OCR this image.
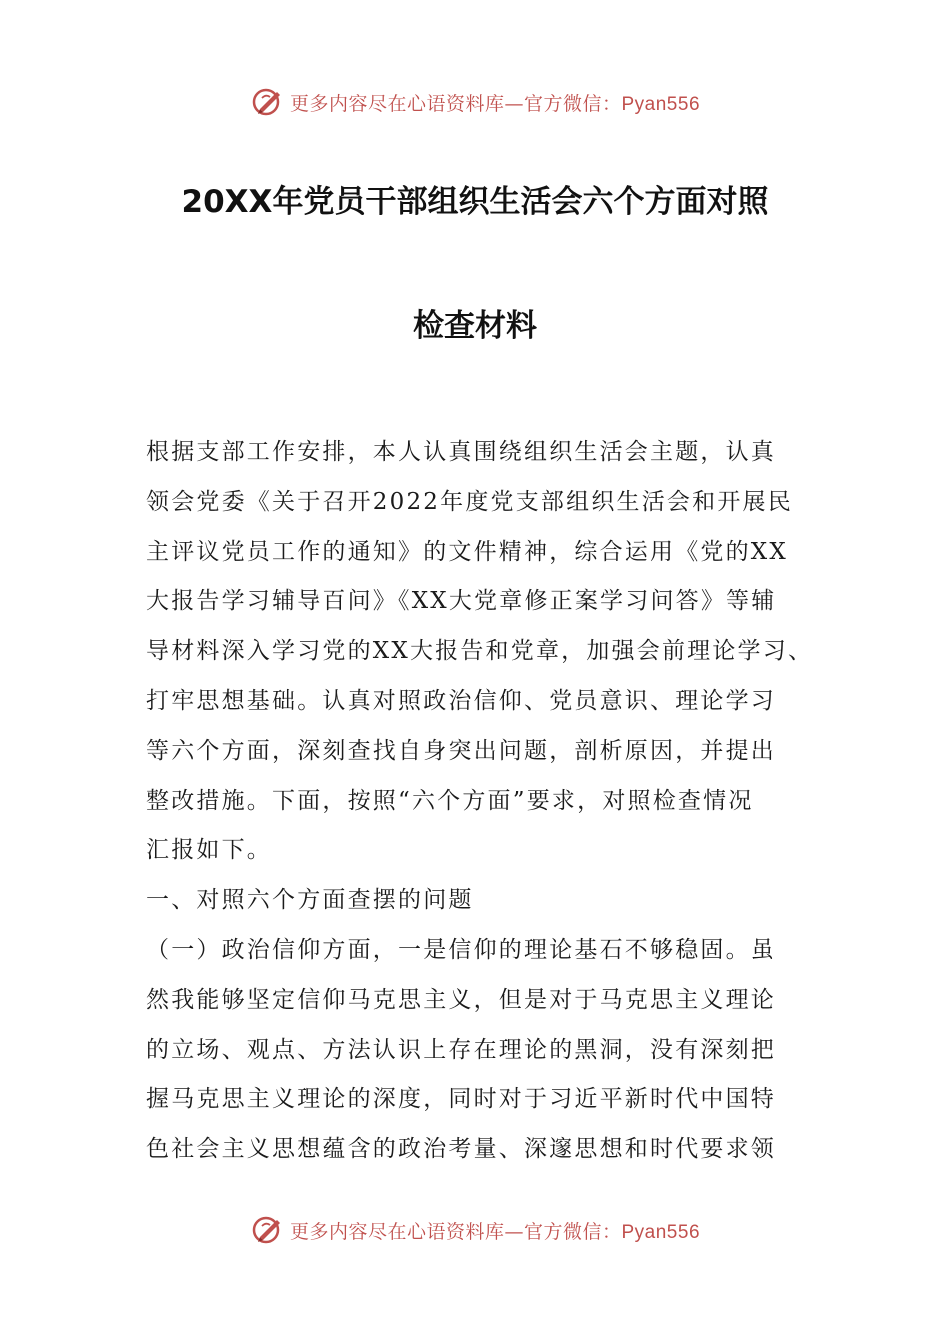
更多内容尽在心语资料库—官方微信：Pyan556
20XX年党员干部组织生活会六个方面对照
检查材料
根据支部工作安排，本人认真围绕组织生活会主题，认真
领会党委《关于召开2022年度党支部组织生活会和开展民
主评议党员工作的通知》的文件精神，综合运用《党的XX
大报告学习辅导百问》《XX大党章修正案学习问答》等辅
导材料深入学习党的XX大报告和党章，加强会前理论学习、
打牢思想基础。认真对照政治信仰、党员意识、理论学习
等六个方面，深刻查找自身突出问题，剖析原因，并提出
整改措施。下面，按照“六个方面”要求，对照检查情况
汇报如下。
一、对照六个方面查摆的问题
（一）政治信仰方面，一是信仰的理论基石不够稳固。虽
然我能够坚定信仰马克思主义，但是对于马克思主义理论
的立场、观点、方法认识上存在理论的黑洞，没有深刻把
握马克思主义理论的深度，同时对于习近平新时代中国特
色社会主义思想蕴含的政治考量、深邃思想和时代要求领
更多内容尽在心语资料库—官方微信：Pyan556
